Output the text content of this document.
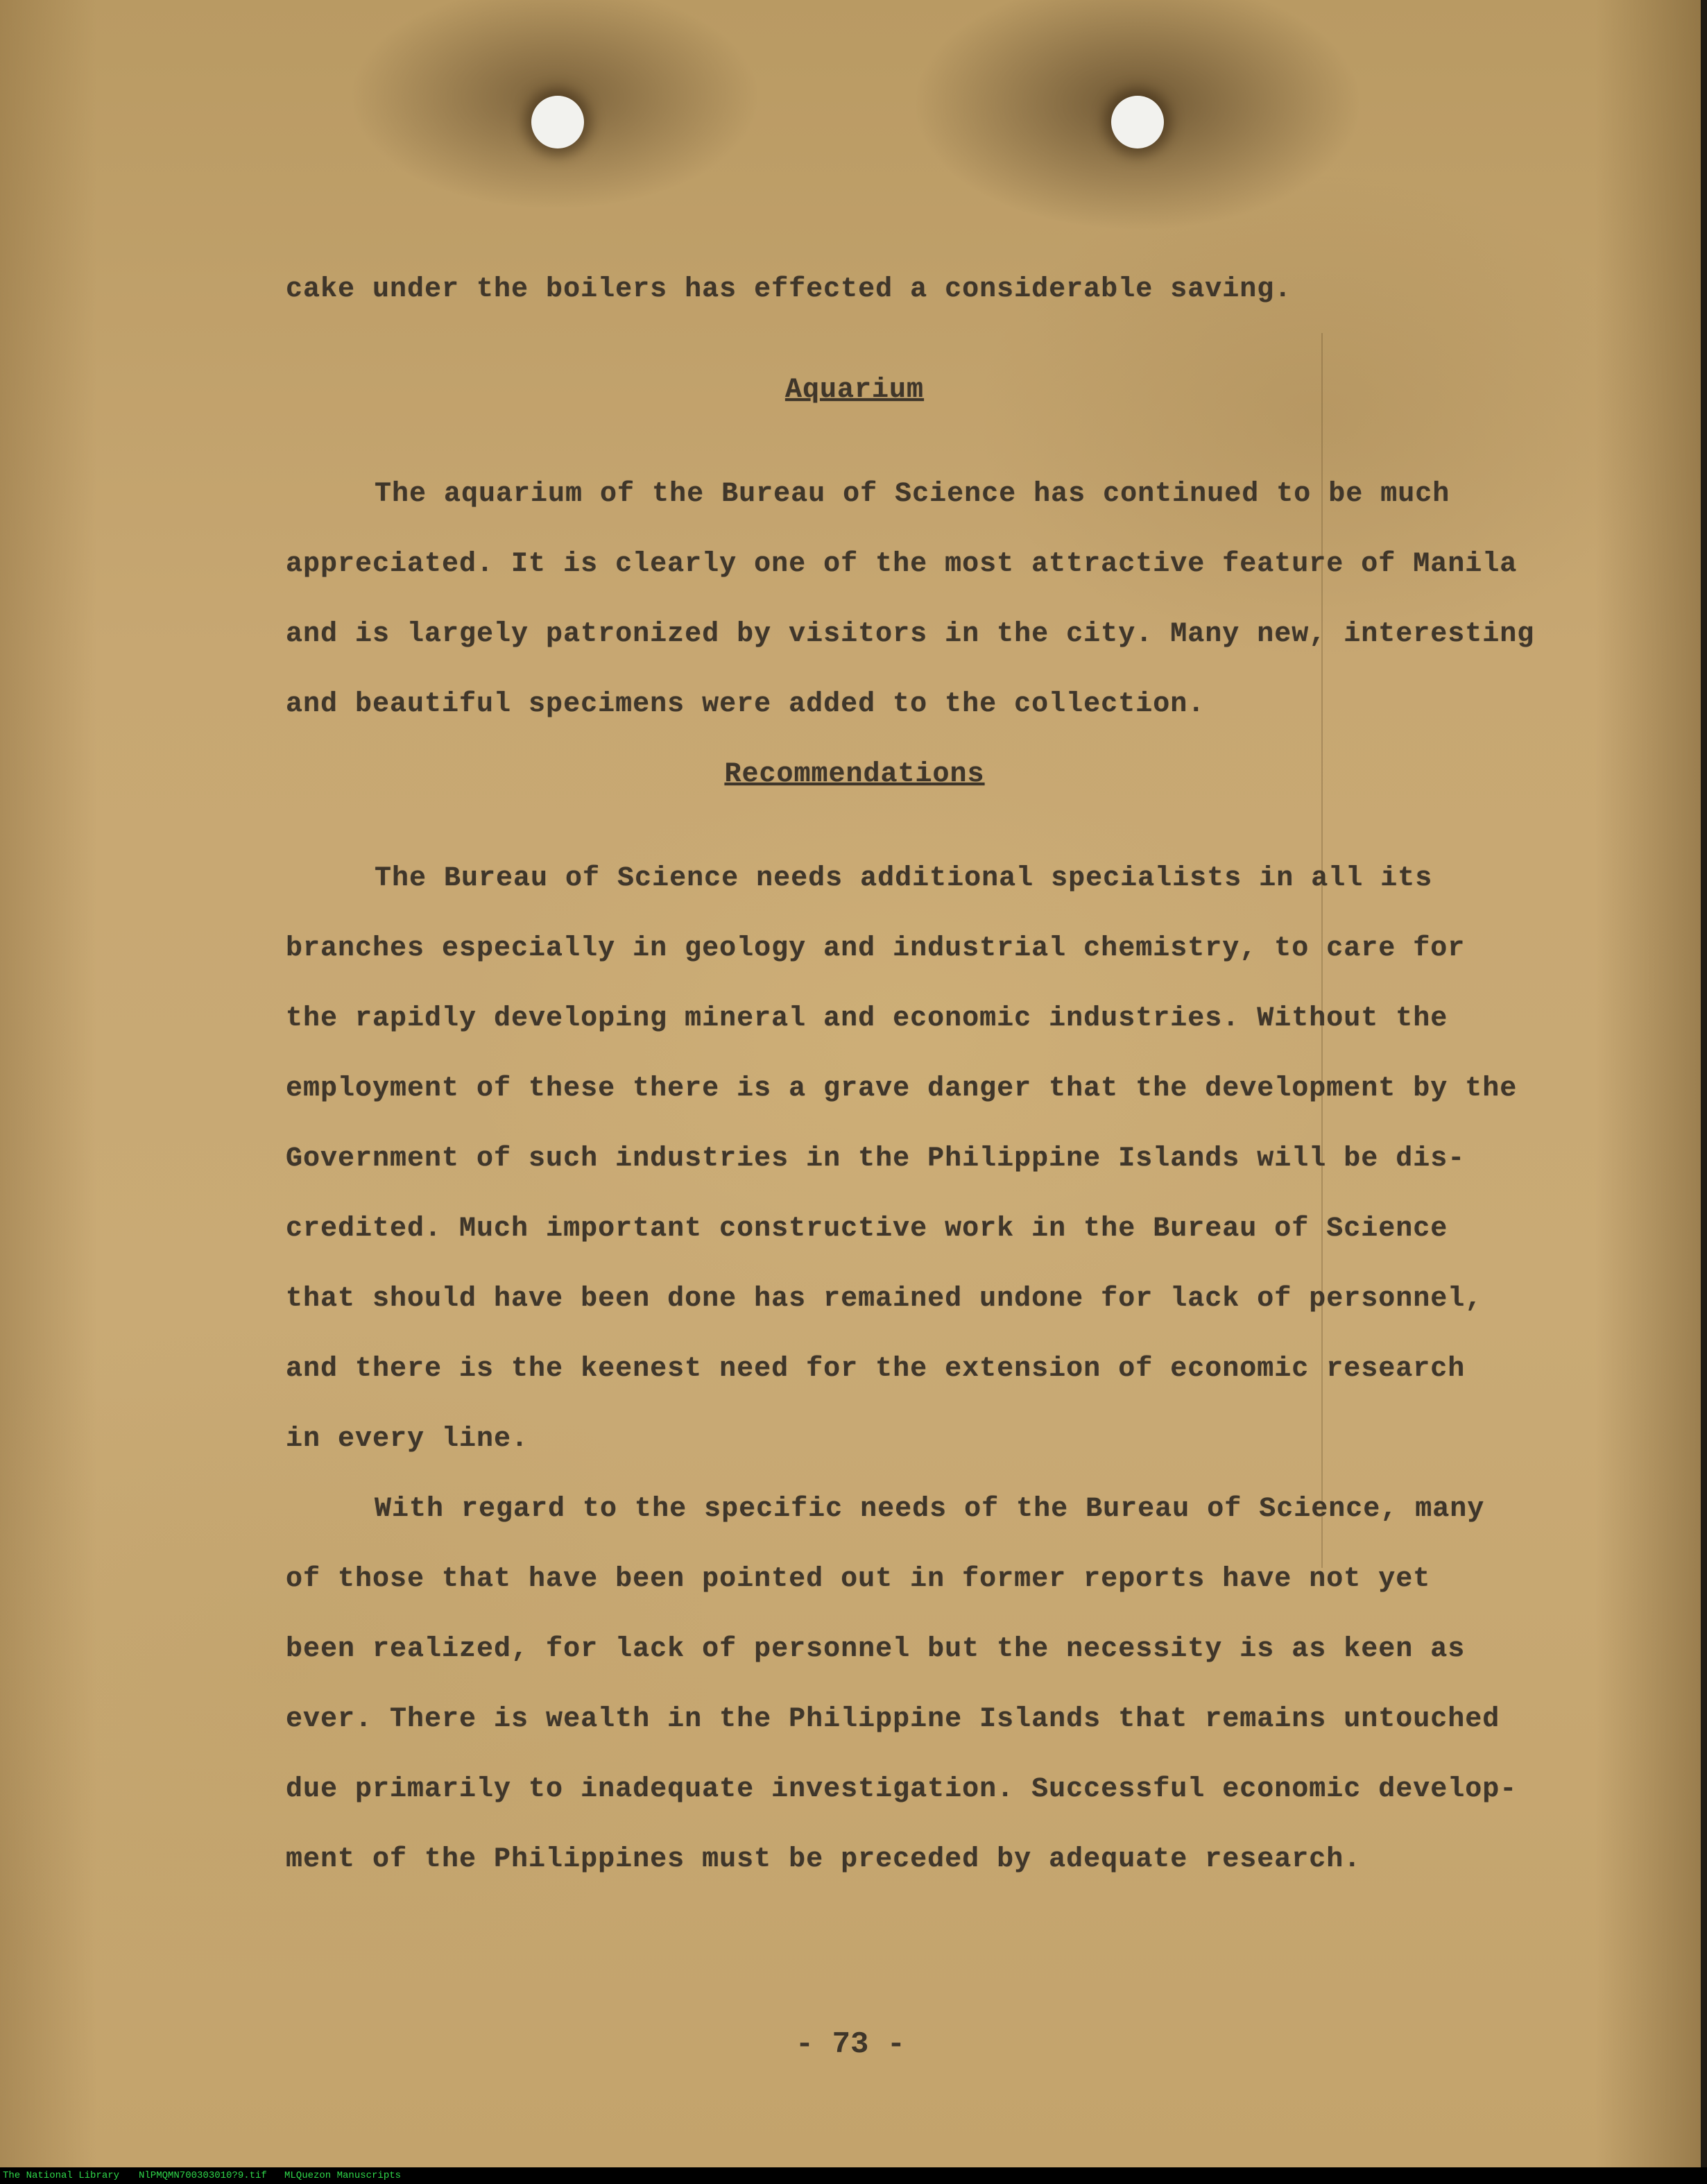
cake under the boilers has effected a considerable saving.
Aquarium
The aquarium of the Bureau of Science has continued to be much
appreciated. It is clearly one of the most attractive feature of Manila
and is largely patronized by visitors in the city. Many new, interesting
and beautiful specimens were added to the collection.
Recommendations
The Bureau of Science needs additional specialists in all its
branches especially in geology and industrial chemistry, to care for
the rapidly developing mineral and economic industries. Without the
employment of these there is a grave danger that the development by the
Government of such industries in the Philippine Islands will be dis-
credited. Much important constructive work in the Bureau of Science
that should have been done has remained undone for lack of personnel,
and there is the keenest need for the extension of economic research
in every line.
With regard to the specific needs of the Bureau of Science, many
of those that have been pointed out in former reports have not yet
been realized, for lack of personnel but the necessity is as keen as
ever. There is wealth in the Philippine Islands that remains untouched
due primarily to inadequate investigation. Successful economic develop-
ment of the Philippines must be preceded by adequate research.
- 73 -
The National Library NlPMQMN700303010?9.tif MLQuezon Manuscripts
